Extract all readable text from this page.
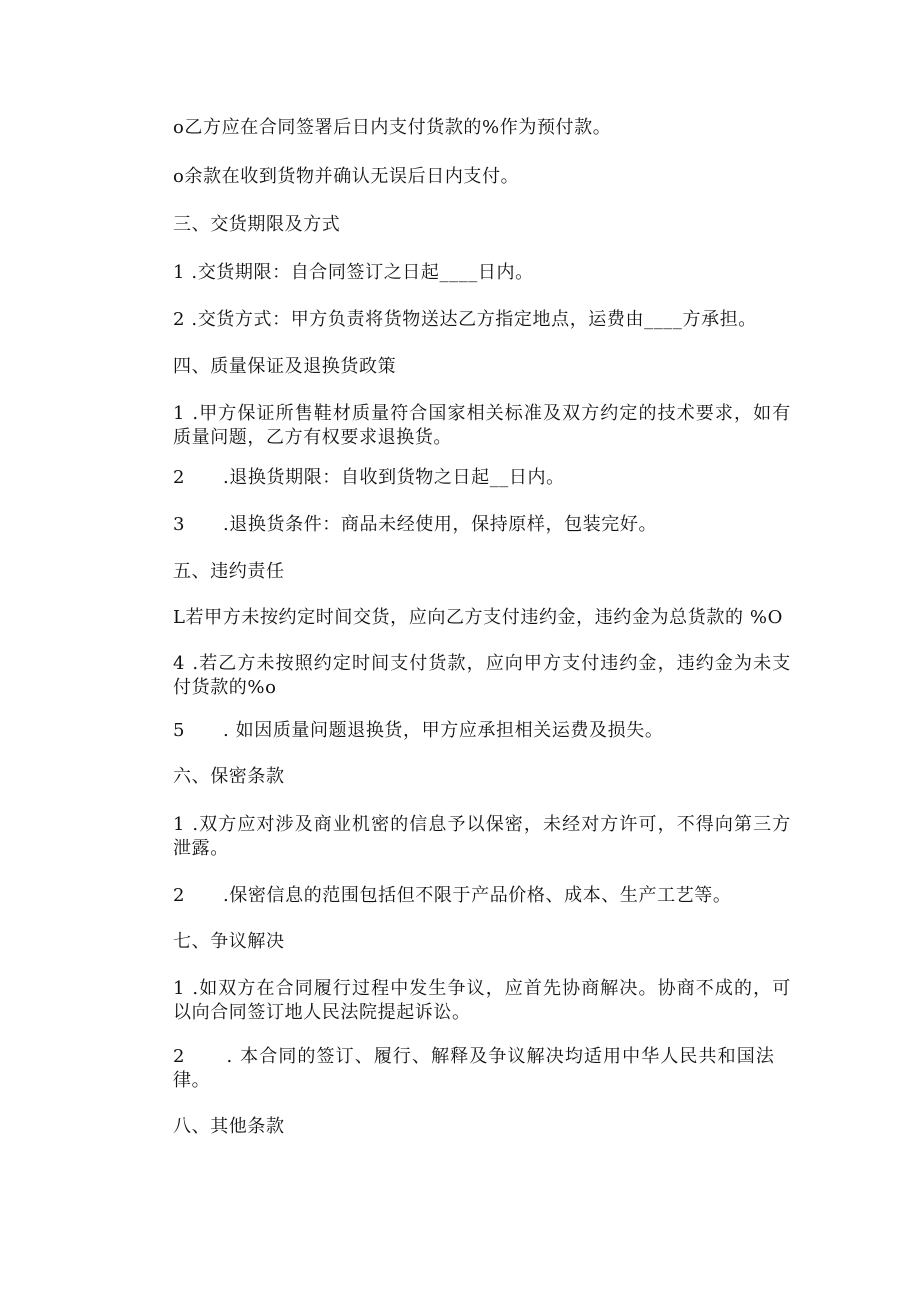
o乙方应在合同签署后日内支付货款的%作为预付款。
o余款在收到货物并确认无误后日内支付。
三、交货期限及方式
1 .交货期限：自合同签订之日起____日内。
2 .交货方式：甲方负责将货物送达乙方指定地点，运费由____方承担。
四、质量保证及退换货政策
1 .甲方保证所售鞋材质量符合国家相关标准及双方约定的技术要求，如有
质量问题，乙方有权要求退换货。
2      .退换货期限：自收到货物之日起__日内。
3      .退换货条件：商品未经使用，保持原样，包装完好。
五、违约责任
L若甲方未按约定时间交货，应向乙方支付违约金，违约金为总货款的 %O
4 .若乙方未按照约定时间支付货款，应向甲方支付违约金，违约金为未支
付货款的%o
5      . 如因质量问题退换货，甲方应承担相关运费及损失。
六、保密条款
1 .双方应对涉及商业机密的信息予以保密，未经对方许可，不得向第三方
泄露。
2      .保密信息的范围包括但不限于产品价格、成本、生产工艺等。
七、争议解决
1 .如双方在合同履行过程中发生争议，应首先协商解决。协商不成的，可
以向合同签订地人民法院提起诉讼。
2      . 本合同的签订、履行、解释及争议解决均适用中华人民共和国法
律。
八、其他条款
